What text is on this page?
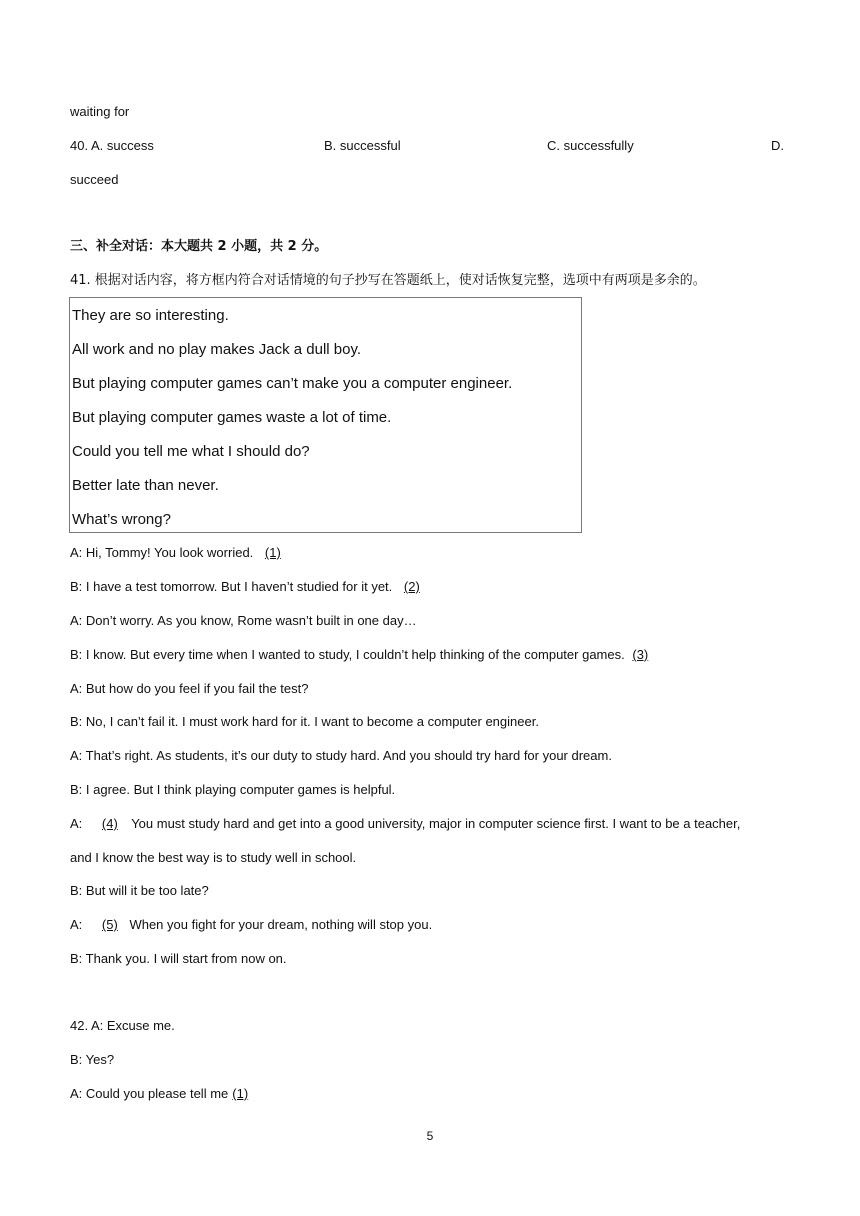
waiting for
40. A. success	B. successful	C. successfully	D.
succeed
三、补全对话：本大题共 2 小题，共 2 分。
41. 根据对话内容，将方框内符合对话情境的句子抄写在答题纸上，使对话恢复完整，选项中有两项是多余的。
They are so interesting.
All work and no play makes Jack a dull boy.
But playing computer games can’t make you a computer engineer.
But playing computer games waste a lot of time.
Could you tell me what I should do?
Better late than never.
What’s wrong?
A: Hi, Tommy! You look worried. (1)
B: I have a test tomorrow. But I haven’t studied for it yet. (2)
A: Don’t worry. As you know, Rome wasn’t built in one day…
B: I know. But every time when I wanted to study, I couldn’t help thinking of the computer games. (3)
A: But how do you feel if you fail the test?
B: No, I can’t fail it. I must work hard for it. I want to become a computer engineer.
A: That’s right. As students, it’s our duty to study hard. And you should try hard for your dream.
B: I agree. But I think playing computer games is helpful.
A: (4) You must study hard and get into a good university, major in computer science first. I want to be a teacher,
and I know the best way is to study well in school.
B: But will it be too late?
A: (5) When you fight for your dream, nothing will stop you.
B: Thank you. I will start from now on.
42. A: Excuse me.
B: Yes?
A: Could you please tell me (1)
5
